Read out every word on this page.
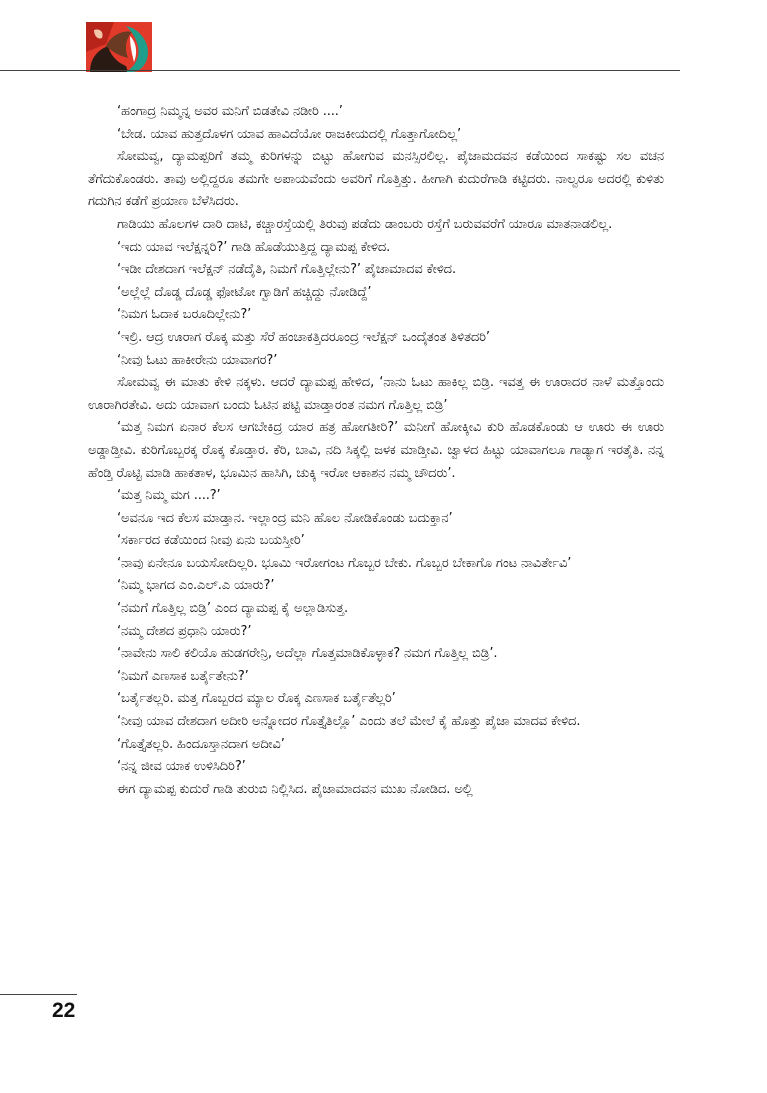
‘ಹಂಗಾದ್ರ ನಿಮ್ಮನ್ನ ಅವರ ಮನಿಗೆ ಬಿಡತೇವಿ ನಡೀರಿ ....’

‘ಬೇಡ. ಯಾವ ಹುತ್ತದೊಳಗ ಯಾವ ಹಾವಿದೆಯೋ ರಾಜಕೀಯದಲ್ಲಿ ಗೊತ್ತಾಗೋದಿಲ್ಲ’

ಸೋಮವ್ವ, ದ್ಯಾಮಪ್ಪರಿಗೆ ತಮ್ಮ ಕುರಿಗಳನ್ನು ಬಿಟ್ಟು ಹೋಗುವ ಮನಸ್ಸಿರಲಿಲ್ಲ. ಪೈಜಾಮದವನ ಕಡೆಯಿಂದ ಸಾಕಷ್ಟು ಸಲ ವಚನ ತೆಗೆದುಕೊಂಡರು. ತಾವು ಅಲ್ಲಿದ್ದರೂ ತಮಗೇ ಅಪಾಯವೆಂದು ಅವರಿಗೆ ಗೊತ್ತಿತ್ತು. ಹೀಗಾಗಿ ಕುದುರೆಗಾಡಿ ಕಟ್ಟಿದರು. ನಾಲ್ವರೂ ಅದರಲ್ಲಿ ಕುಳಿತು ಗದುಗಿನ ಕಡೆಗೆ ಪ್ರಯಾಣ ಬೆಳೆಸಿದರು.

ಗಾಡಿಯು ಹೊಲಗಳ ದಾರಿ ದಾಟಿ, ಕಚ್ಚಾರಸ್ತೆಯಲ್ಲಿ ತಿರುವು ಪಡೆದು ಡಾಂಬರು ರಸ್ತೆಗೆ ಬರುವವರೆಗೆ ಯಾರೂ ಮಾತನಾಡಲಿಲ್ಲ.

‘ಇದು ಯಾವ ಇಲೆಕ್ಷನ್ನರಿ?’ ಗಾಡಿ ಹೊಡೆಯುತ್ತಿದ್ದ ದ್ಯಾಮಪ್ಪ ಕೇಳಿದ.

‘ಇಡೀ ದೇಶದಾಗ ಇಲೆಕ್ಷನ್ ನಡೆದೈತಿ, ನಿಮಗೆ ಗೊತ್ತಿಲ್ಲೇನು?’ ಪೈಜಾಮಾದವ ಕೇಳಿದ.

‘ಅಲ್ಲೆಲ್ಲೆ ದೊಡ್ಡ ದೊಡ್ಡ ಫೋಟೋ ಗ್ವಾಡಿಗೆ ಹಚ್ಚಿದ್ದು ನೋಡಿದ್ದೆ’

‘ನಿಮಗ ಓದಾಕ ಬರೂದಿಲ್ಲೇನು?’

‘ಇಲ್ರಿ. ಆದ್ರ ಊರಾಗ ರೊಕ್ಕ ಮತ್ತು ಸೆರೆ ಹಂಚಾಕತ್ತಿದರೂಂದ್ರ ಇಲೆಕ್ಷನ್ ಒಂದೈತಂತ ತಿಳಿತದರಿ’

‘ನೀವು ಓಟು ಹಾಕೀರೇನು ಯಾವಾಗರ?’

ಸೋಮವ್ವ ಈ ಮಾತು ಕೇಳಿ ನಕ್ಕಳು. ಆದರೆ ದ್ಯಾಮಪ್ಪ ಹೇಳಿದ, ‘ನಾನು ಓಟು ಹಾಕಿಲ್ಲ ಬಿಡ್ರಿ. ಇವತ್ತ ಈ ಊರಾದರ ನಾಳೆ ಮತ್ತೊಂದು ಊರಾಗಿರತೇವಿ. ಅದು ಯಾವಾಗ ಬಂದು ಓಟಿನ ಪಟ್ಟಿ ಮಾಡ್ತಾರಂತ ನಮಗ ಗೊತ್ತಿಲ್ಲ ಬಿಡ್ರಿ’

‘ಮತ್ತ ನಿಮಗ ಏನಾರ ಕೆಲಸ ಆಗಬೇಕಿದ್ರ ಯಾರ ಹತ್ರ ಹೋಗತೀರಿ?’ ಮನೀಗೆ ಹೋಕ್ಕೀವಿ ಕುರಿ ಹೊಡಕೊಂಡು ಆ ಊರು ಈ ಊರು ಅಡ್ಡಾಡ್ತೀವಿ. ಕುರಿಗೊಬ್ಬರಕ್ಕ ರೊಕ್ಕ ಕೊಡ್ತಾರ. ಕೆರಿ, ಬಾವಿ, ನದಿ ಸಿಕ್ಕಲ್ಲಿ ಜಳಕ ಮಾಡ್ತೀವಿ. ಜ್ವಾಳದ ಹಿಟ್ಟು ಯಾವಾಗಲೂ ಗಾಡ್ಯಾಗ ಇರತೈತಿ. ನನ್ನ ಹೆಂಡ್ತಿ ರೊಟ್ಟಿ ಮಾಡಿ ಹಾಕತಾಳ, ಭೂಮಿನ ಹಾಸಿಗಿ, ಚುಕ್ಕಿ ಇರೋ ಆಕಾಶನ ನಮ್ಮ ಚೌದರು’.

‘ಮತ್ತ ನಿಮ್ಮ ಮಗ ....?’

‘ಅವನೂ ಇದ ಕೆಲಸ ಮಾಡ್ತಾನ. ಇಲ್ಲಾಂದ್ರ ಮನಿ ಹೊಲ ನೋಡಿಕೊಂಡು ಬದುಕ್ತಾನ’

‘ಸರ್ಕಾರದ ಕಡೆಯಿಂದ ನೀವು ಏನು ಬಯಸ್ತೀರಿ’

‘ನಾವು ಏನೇನೂ ಬಯಸೋದಿಲ್ಲರಿ. ಭೂಮಿ ಇರೋಗಂಟ ಗೊಬ್ಬರ ಬೇಕು. ಗೊಬ್ಬರ ಬೇಕಾಗೊ ಗಂಟ ನಾವಿರ್ತೇವಿ’

‘ನಿಮ್ಮ ಭಾಗದ ಎಂ.ಎಲ್.ಎ ಯಾರು?’

‘ನಮಗೆ ಗೊತ್ತಿಲ್ಲ ಬಿಡ್ರಿ’ ಎಂದ ದ್ಯಾಮಪ್ಪ ಕೈ ಅಲ್ಲಾಡಿಸುತ್ತ.

‘ನಮ್ಮ ದೇಶದ ಪ್ರಧಾನಿ ಯಾರು?’

‘ನಾವೇನು ಸಾಲಿ ಕಲಿಯೊ ಹುಡಗರೇನ್ರಿ, ಅದೆಲ್ಲಾ ಗೊತ್ತಮಾಡಿಕೊಳ್ಳಾಕ? ನಮಗ ಗೊತ್ತಿಲ್ಲ ಬಿಡ್ರಿ’.

‘ನಿಮಗೆ ಎಣಸಾಕ ಬರ್ತೈತೇನು?’

‘ಬರ್ತೈತಲ್ಲರಿ. ಮತ್ತ ಗೊಬ್ಬರದ ಮ್ಯಾಲ ರೊಕ್ಕ ಎಣಸಾಕ ಬರ್ತೈತೆಲ್ಲರಿ’

‘ನೀವು ಯಾವ ದೇಶದಾಗ ಅದೀರಿ ಅನ್ನೋದರ ಗೊತ್ತೈತಿಲ್ಲೊ’ ಎಂದು ತಲೆ ಮೇಲೆ ಕೈ ಹೊತ್ತು ಪೈಜಾ ಮಾದವ ಕೇಳಿದ.

‘ಗೊತ್ತೈತಲ್ಲರಿ. ಹಿಂದೂಸ್ತಾನದಾಗ ಅದೀವಿ’

‘ನನ್ನ ಜೀವ ಯಾಕ ಉಳಿಸಿದಿರಿ?’

ಈಗ ದ್ಯಾಮಪ್ಪ ಕುದುರೆ ಗಾಡಿ ತುರುಬಿ ನಿಲ್ಲಿಸಿದ. ಪೈಜಾಮಾದವನ ಮುಖ ನೋಡಿದ. ಅಲ್ಲಿ

22
